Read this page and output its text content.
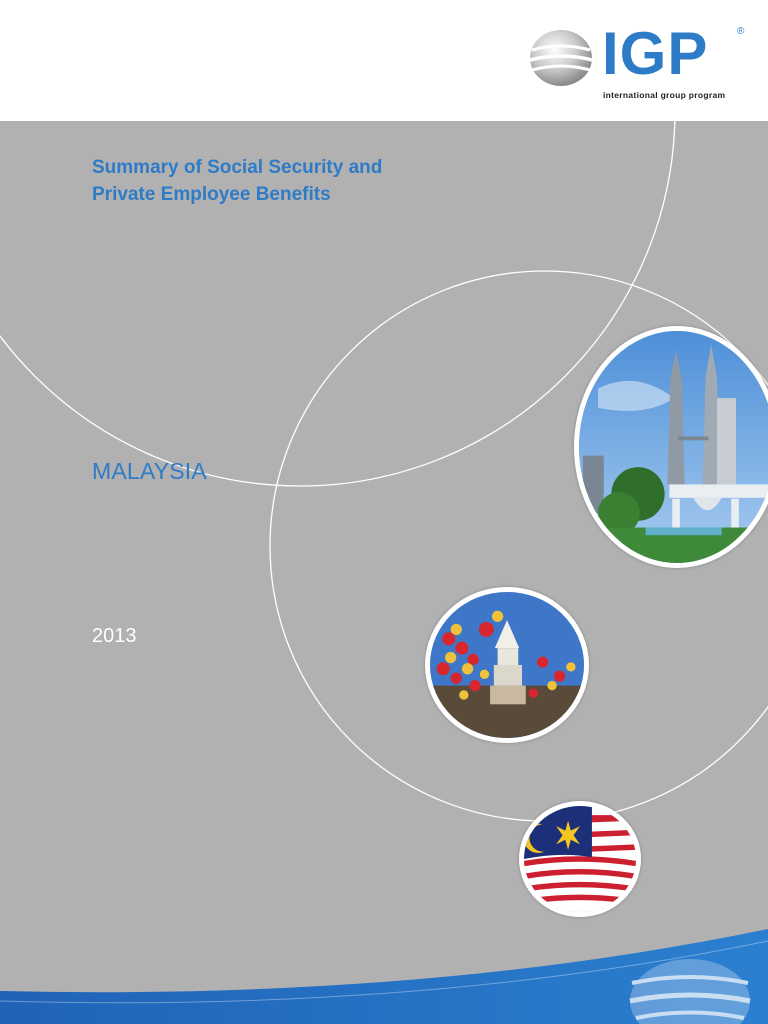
IGP	®
international group program
Summary of Social Security and
Private Employee Benefits
MALAYSIA
2013
